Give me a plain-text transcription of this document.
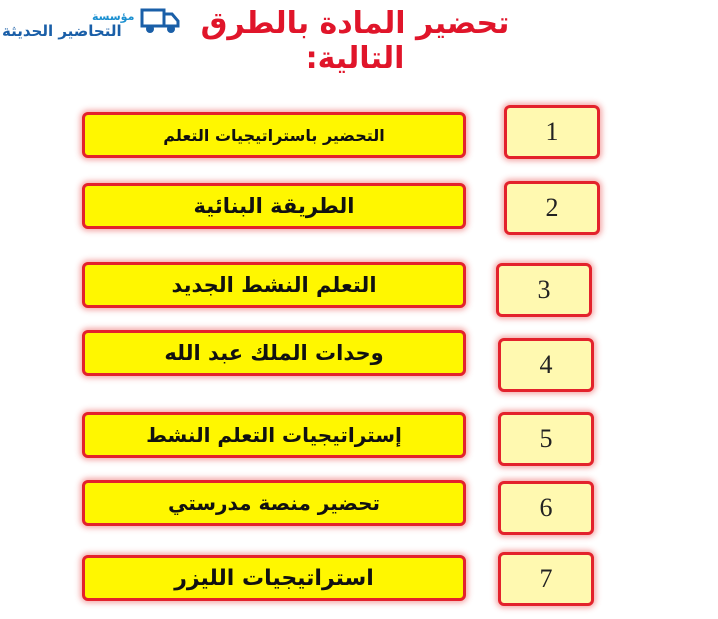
مؤسسة
التحاضير الحديثة	تحضير المادة بالطرق التالية:
التحضير باستراتيجيات التعلم	1
الطريقة البنائية	2
التعلم النشط الجديد	3
وحدات الملك عبد الله	4
إستراتيجيات التعلم النشط	5
تحضير منصة مدرستي	6
استراتيجيات الليزر	7
